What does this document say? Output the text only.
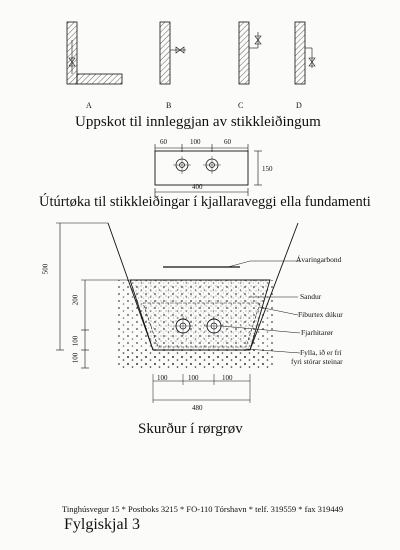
A	B	C	D
Uppskot til innleggjan av stikkleiðingum
60	100	60
150
400
Útúrtøka til stikkleiðingar í kjallaraveggi ella fundamenti
500
200
100
100
100	100	100
480
Ávaringarbond
Sandur
Fiburtex dúkur
Fjarhitarør
Fylla, ið er frí
fyri stórar steinar
Skurður í rørgrøv
Tinghúsvegur 15 * Postboks 3215 * FO-110 Tórshavn * telf. 319559 * fax 319449
Fylgiskjal 3
